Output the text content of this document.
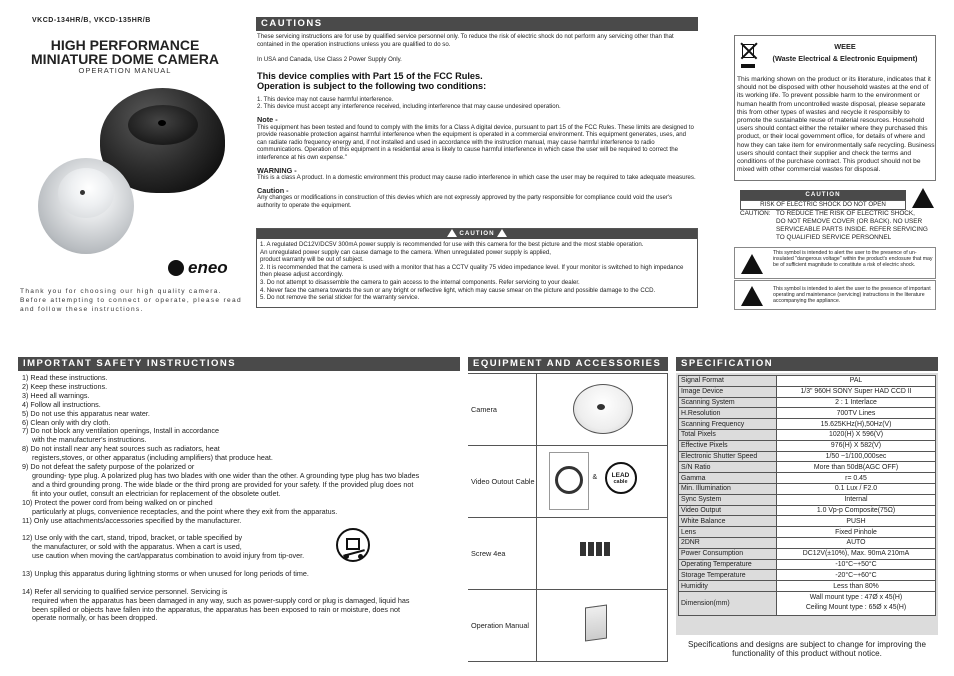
VKCD-134HR/B, VKCD-135HR/B
HIGH PERFORMANCE
MINIATURE DOME CAMERA
OPERATION MANUAL
eneo
Thank you for choosing our high quality camera. Before attempting to connect or operate, please read and follow these instructions.
CAUTIONS

These servicing instructions are for use by qualified service personnel only. To reduce the risk of electric shock do not perform any servicing other than that contained in the operation instructions unless you are qualified to do so.

In USA and Canada, Use Class 2 Power Supply Only.

This device complies with Part 15 of the FCC Rules.

Operation is subject to the following two conditions:

1. This device may not cause harmful interference.

2. This device must accept any interference received, including interference that may cause undesired operation.

Note -

This equipment has been tested and found to comply with the limits for a Class A digital device, pursuant to part 15 of the FCC Rules. These limits are designed to provide reasonable protection against harmful interference when the equipment is operated in a commercial environment. This equipment generates, uses, and can radiate radio frequency energy and, if not installed and used in accordance with the instruction manual, may cause harmful interference to radio communications. Operation of this equipment in a residential area is likely to cause harmful interference in which case the user will be required to correct the interference at his own expense."

WARNING -

This is a class A product. In a domestic environment this product may cause radio interference in which case the user may be required to take adequate measures.

Caution -

Any changes or modifications in construction of this devies which are not expressly approved by the party responsible for compliance could void the user's authority to operate the equipment.

CAUTION

1. A regulated DC12V/DC5V 300mA power supply is recommended for use with this camera for the best picture and the most stable operation.

An unregulated power supply can cause damage to the camera. When unregulated power supply is applied,

product warranty will be out of subject.

2. It is recommended that the camera is used with a monitor that has a CCTV quality 75 video impedance level. If your monitor is switched to high impedance then please adjust accordingly.

3. Do not attempt to disassemble the camera to gain access to the internal components. Refer servicing to your dealer.

4. Never face the camera towards the sun or any bright or reflective light, which may cause smear on the picture and possible damage to the CCD.

5. Do not remove the serial sticker for the warranty service.

WEEE
(Waste Electrical & Electronic Equipment)
This marking shown on the product or its literature, indicates that it should not be disposed with other household wastes at the end of its working life. To prevent possible harm to the environment or human health from uncontrolled waste disposal, please separate this from other types of wastes and recycle it responsibly to promote the sustainable reuse of material resources. Household users should contact either the retailer where they purchased this product, or their local government office, for details of where and how they can take item for environmentally safe recycling. Business users should contact their supplier and check the terms and conditions of the purchase contract. This product should not be mixed with other commercial wastes for disposal.
CAUTION
RISK OF ELECTRIC SHOCK DO NOT OPEN
CAUTION: TO REDUCE THE RISK OF ELECTRIC SHOCK,
DO NOT REMOVE COVER (OR BACK). NO USER
SERVICEABLE PARTS INSIDE. REFER SERVICING
TO QUALIFIED SERVICE PERSONNEL
This symbol is intended to alert the user to the presence of un-insulated "dangerous voltage" within the product's enclosure that may be of sufficient magnitude to constitute a risk of electric shock.
This symbol is intended to alert the user to the presence of important operating and maintenance (servicing) instructions in the literature accompanying the appliance.
IMPORTANT SAFETY INSTRUCTIONS
1) Read these instructions.
2) Keep these instructions.
3) Heed all warnings.
4) Follow all instructions.
5) Do not use this apparatus near water.
6) Clean only with dry cloth.
7) Do not block any ventilation openings, Install in accordance
with the manufacturer's instructions.
8) Do not install near any heat sources such as radiators, heat
registers,stoves, or other apparatus (including amplifiers) that produce heat.
9) Do not defeat the safety purpose of the polarized or
grounding- type plug. A polarized plug has two blades with one wider than the other. A grounding type plug has two blades
and a third grounding prong. The wide blade or the third prong are provided for your safety. If the provided plug does not
fit into your outlet, consult an electrician for replacement of the obsolete outlet.
10) Protect the power cord from being walked on or pinched
particularly at plugs, convenience receptacles, and the point where they exit from the apparatus.
11) Only use attachments/accessories specified by the manufacturer.
12) Use only with the cart, stand, tripod, bracket, or table specified by
the manufacturer, or sold with the apparatus. When a cart is used,
use caution when moving the cart/apparatus combination to avoid injury from tip-over.
13) Unplug this apparatus during lightning storms or when unused for long periods of time.
14) Refer all servicing to qualified service personnel. Servicing is
required when the apparatus has been damaged in any way, such as power-supply cord or plug is damaged, liquid has
been spilled or objects have fallen into the apparatus, the apparatus has been exposed to rain or moisture, does not
operate normally, or has been dropped.
EQUIPMENT AND ACCESSORIES
Camera	

Video Outout Cable	& LEAD
cable

Screw 4ea	

Operation Manual	
SPECIFICATION
Signal Format	PAL
Image Device	1/3" 960H SONY Super HAD CCD II
Scanning System	2 : 1 Interlace
H.Resolution	700TV Lines
Scanning Frequency	15.625KHz(H),50Hz(V)
Total Pixels	1020(H) X 596(V)
Effective Pixels	976(H) X 582(V)
Electronic Shutter Speed	1/50 ~1/100,000sec
S/N Ratio	More than 50dB(AGC OFF)
Gamma	r= 0.45
Min. Illumination	0.1 Lux / F2.0
Sync System	Internal
Video Output	1.0 Vp-p Composite(75Ω)
White Balance	PUSH
Lens	Fixed Pinhole
2DNR	AUTO
Power Consumption	DC12V(±10%), Max. 90mA 210mA
Operating Temperature	-10°C~+50°C
Storage Temperature	-20°C~+60°C
Humidity	Less than 80%
Dimension(mm)	Wall mount type : 47Ø x 45(H)
Ceiling Mount type : 65Ø x 45(H)
Specifications and designs are subject to change for improving the functionality of this product without notice.
